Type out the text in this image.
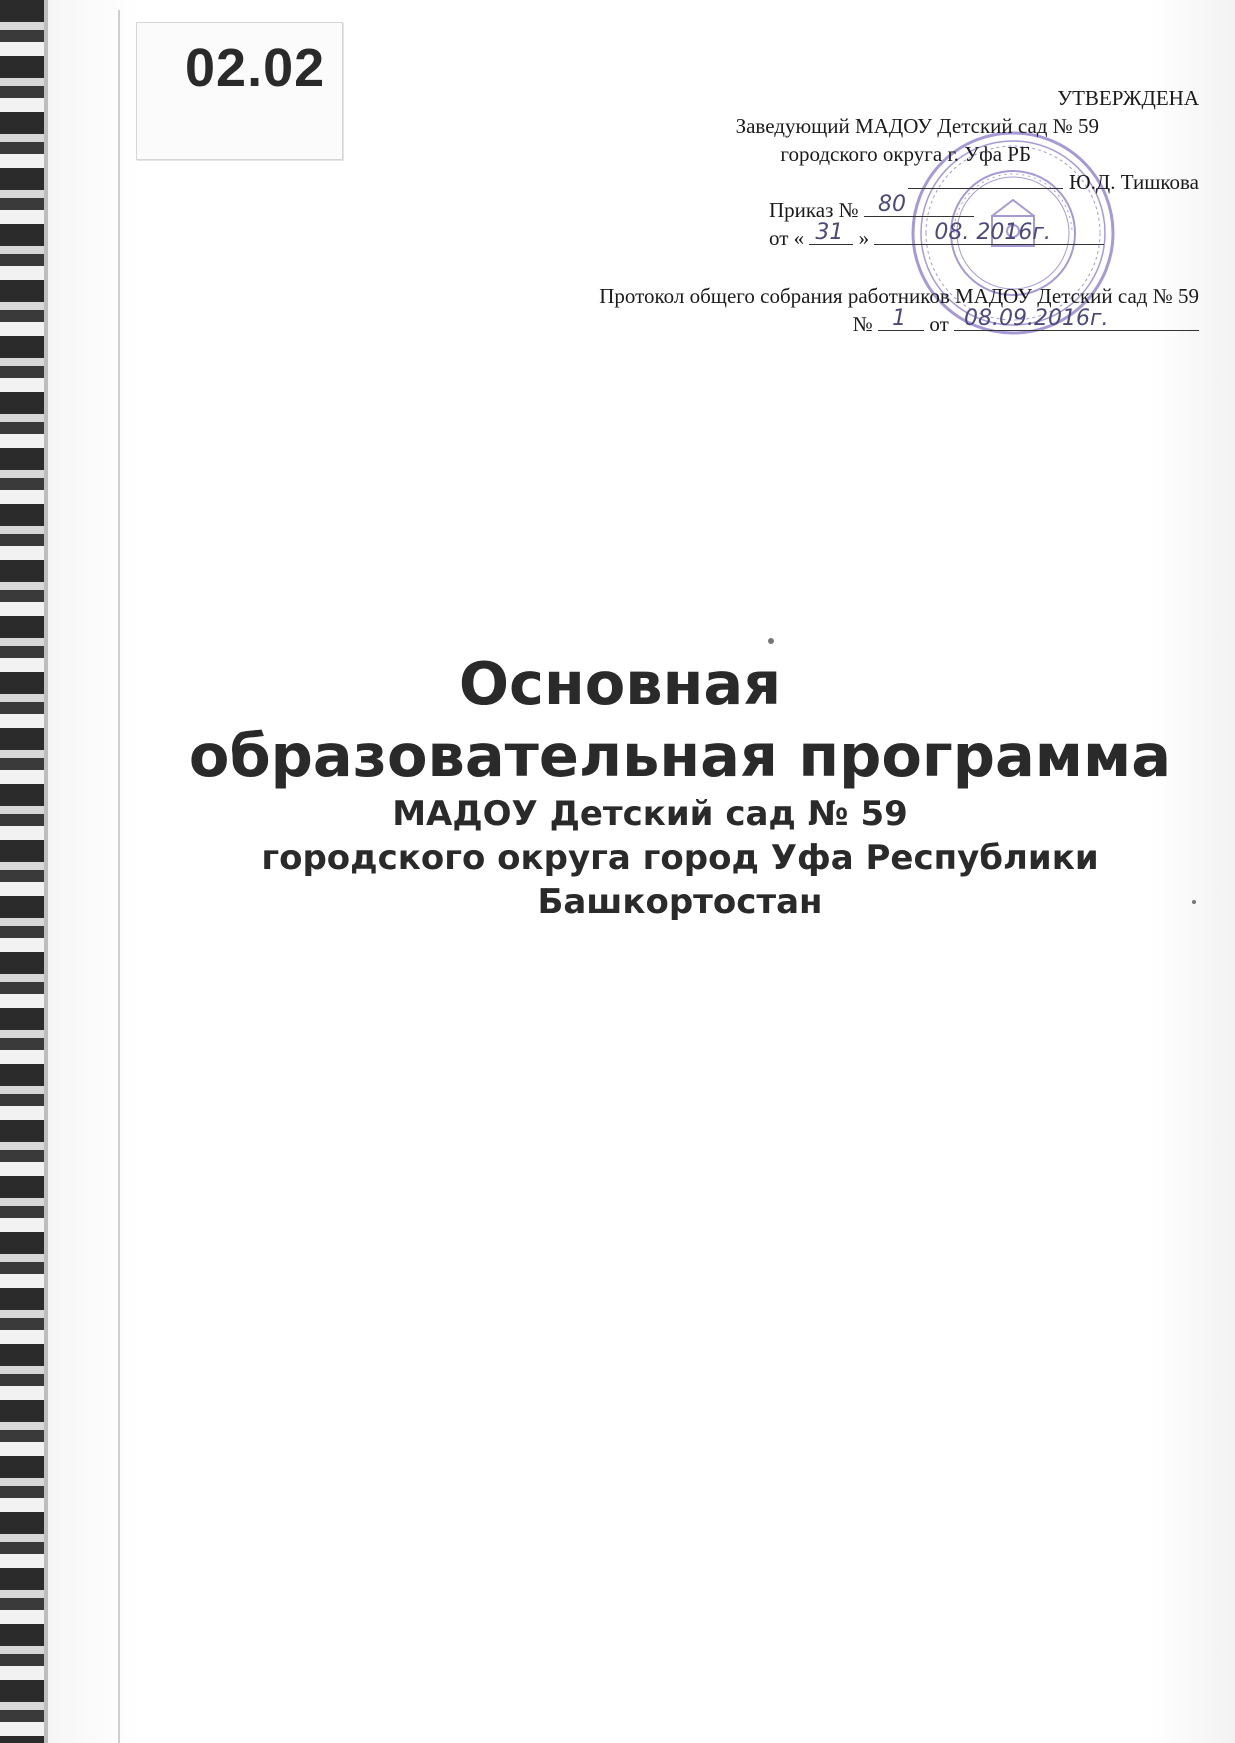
02.02	УТВЕРЖДЕНА
Заведующий МАДОУ Детский сад № 59
городского округа г. Уфа РБ
Ю.Д. Тишкова
Приказ № 80
от « 31 »	08. 2016г.
Протокол общего собрания работников МАДОУ Детский сад № 59
№ 1 от 08.09.2016г.
Основная
образовательная программа
МАДОУ Детский сад № 59
городского округа город Уфа Республики
Башкортостан
